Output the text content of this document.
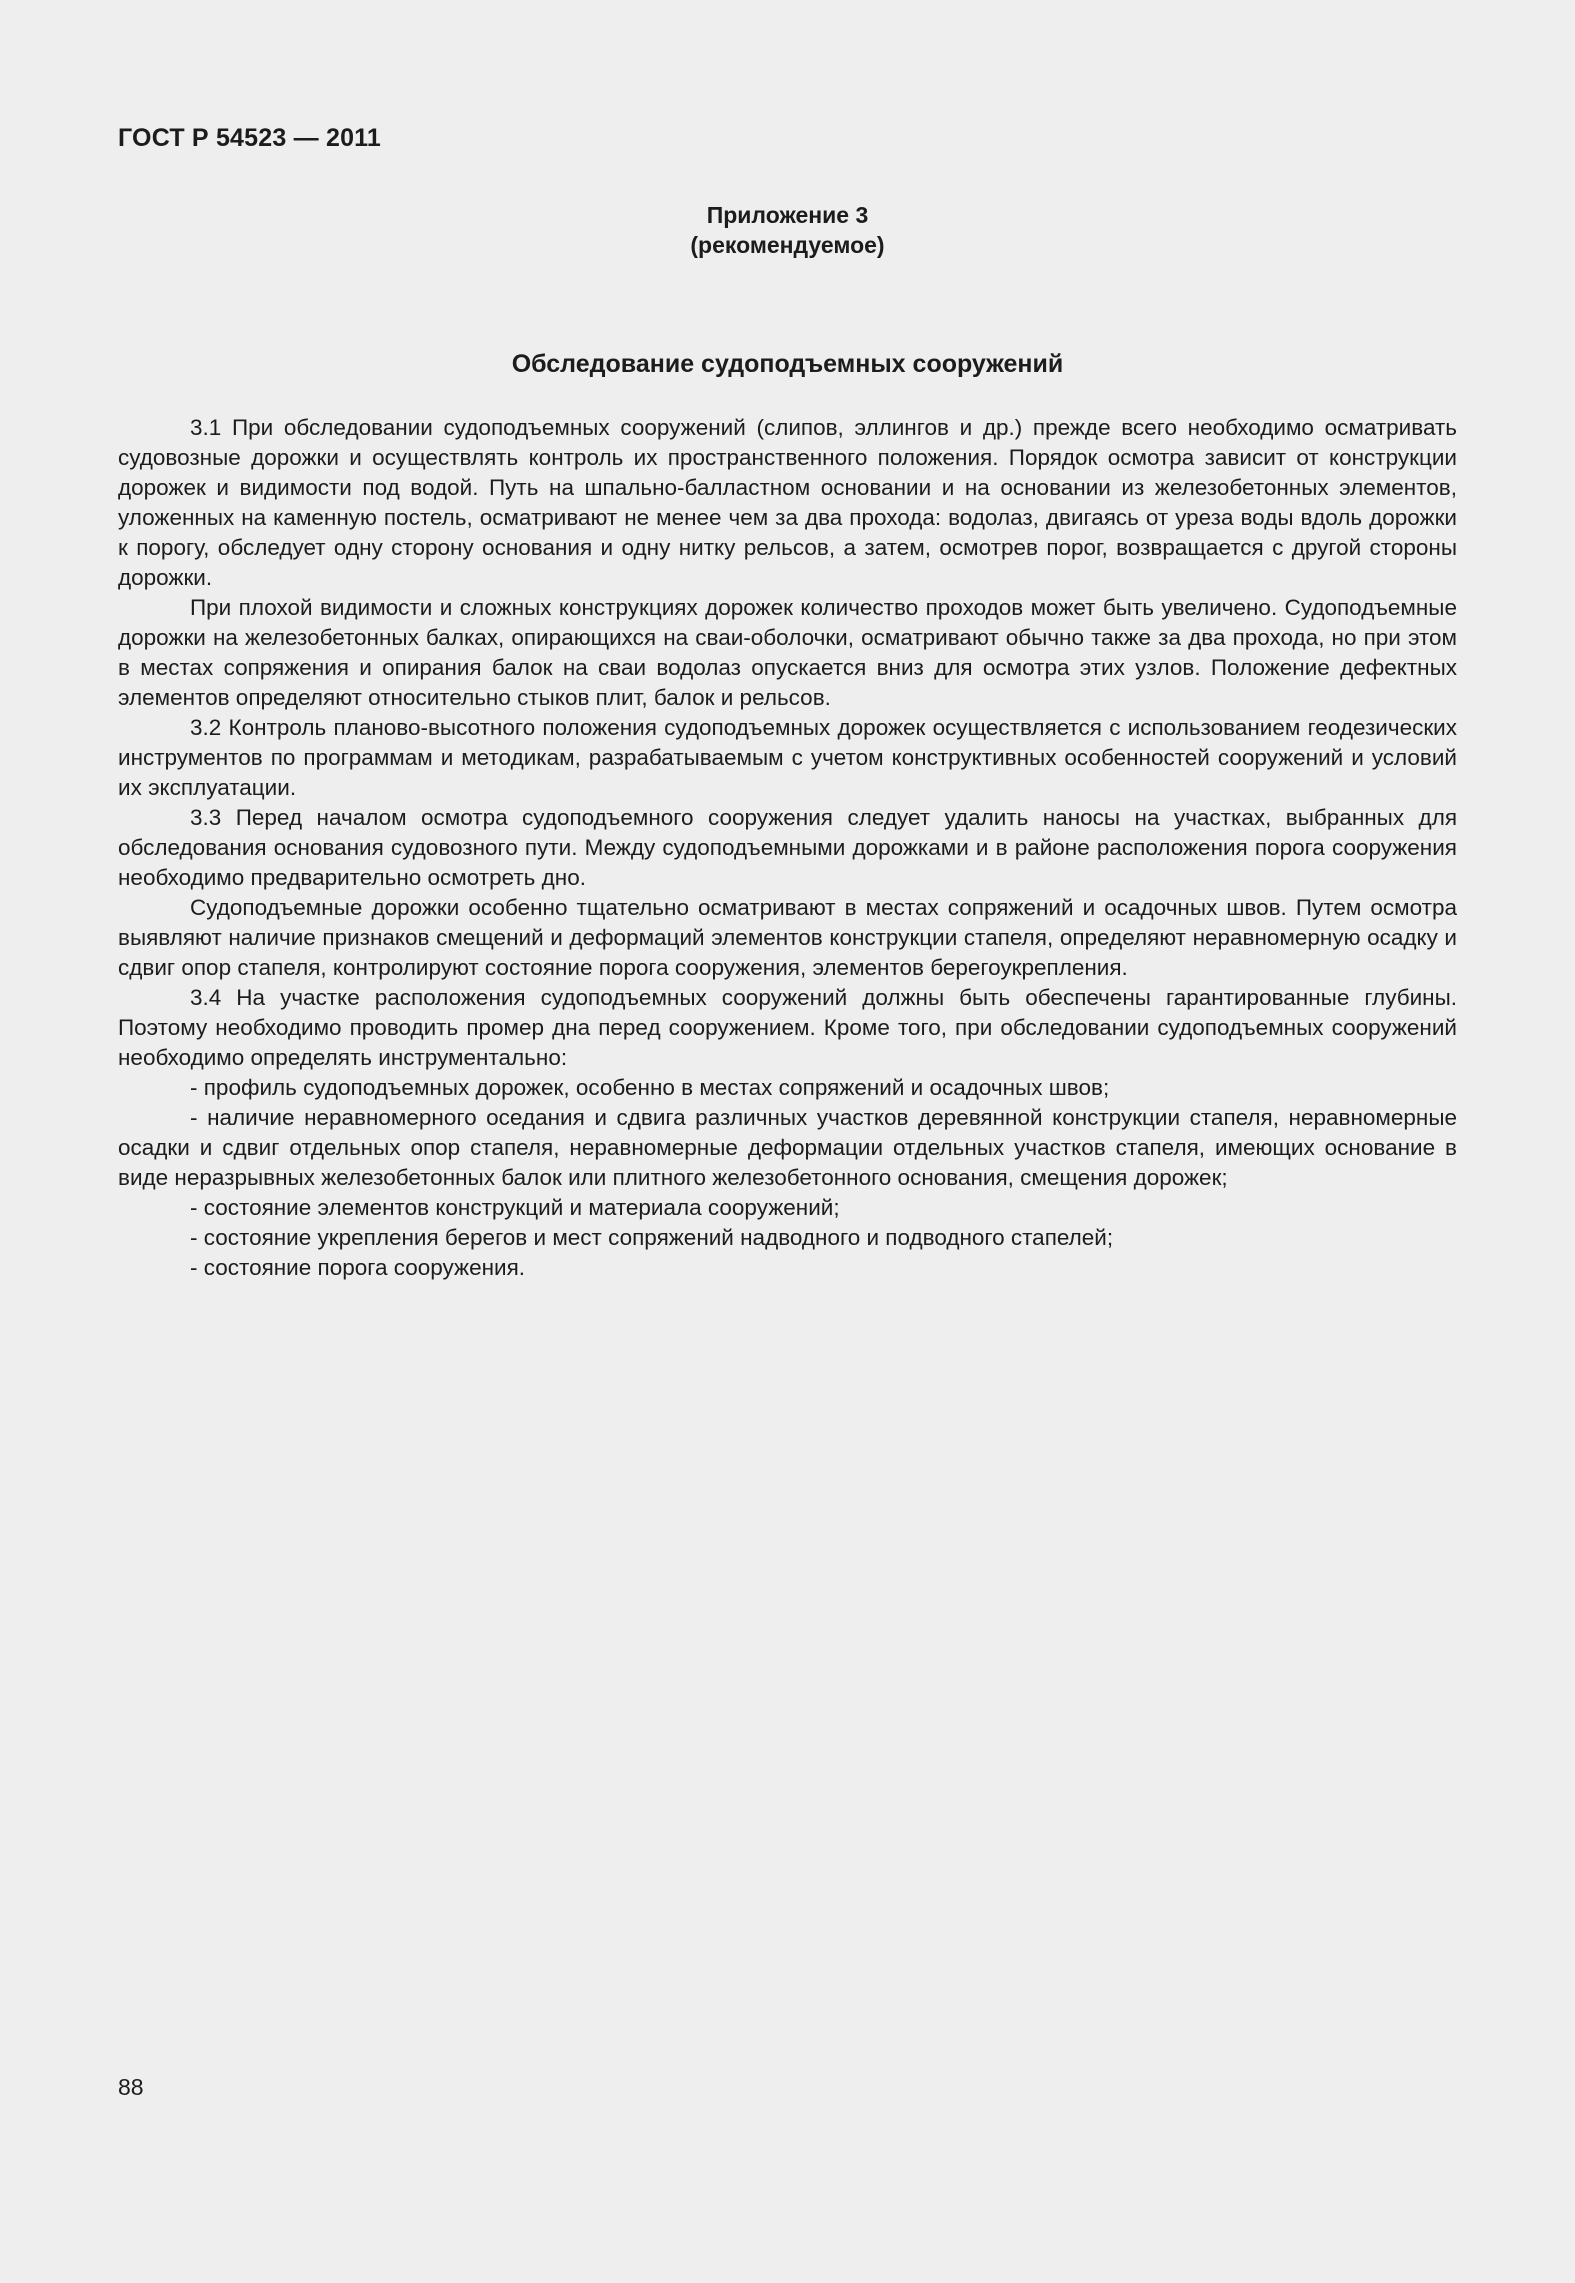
ГОСТ Р 54523 — 2011
Приложение 3
(рекомендуемое)
Обследование судоподъемных сооружений

3.1 При обследовании судоподъемных сооружений (слипов, эллингов и др.) прежде всего необходимо осматривать судовозные дорожки и осуществлять контроль их пространственного положения. Порядок осмотра зависит от конструкции дорожек и видимости под водой. Путь на шпально-балластном основании и на основании из железобетонных элементов, уложенных на каменную постель, осматривают не менее чем за два прохода: водолаз, двигаясь от уреза воды вдоль дорожки к порогу, обследует одну сторону основания и одну нитку рельсов, а затем, осмотрев порог, возвращается с другой стороны дорожки.

При плохой видимости и сложных конструкциях дорожек количество проходов может быть увеличено. Судоподъемные дорожки на железобетонных балках, опирающихся на сваи-оболочки, осматривают обычно также за два прохода, но при этом в местах сопряжения и опирания балок на сваи водолаз опускается вниз для осмотра этих узлов. Положение дефектных элементов определяют относительно стыков плит, балок и рельсов.

3.2 Контроль планово-высотного положения судоподъемных дорожек осуществляется с использованием геодезических инструментов по программам и методикам, разрабатываемым с учетом конструктивных особенностей сооружений и условий их эксплуатации.

3.3 Перед началом осмотра судоподъемного сооружения следует удалить наносы на участках, выбранных для обследования основания судовозного пути. Между судоподъемными дорожками и в районе расположения порога сооружения необходимо предварительно осмотреть дно.

Судоподъемные дорожки особенно тщательно осматривают в местах сопряжений и осадочных швов. Путем осмотра выявляют наличие признаков смещений и деформаций элементов конструкции стапеля, определяют неравномерную осадку и сдвиг опор стапеля, контролируют состояние порога сооружения, элементов берегоукрепления.

3.4 На участке расположения судоподъемных сооружений должны быть обеспечены гарантированные глубины. Поэтому необходимо проводить промер дна перед сооружением. Кроме того, при обследовании судоподъемных сооружений необходимо определять инструментально:

- профиль судоподъемных дорожек, особенно в местах сопряжений и осадочных швов;

- наличие неравномерного оседания и сдвига различных участков деревянной конструкции стапеля, неравномерные осадки и сдвиг отдельных опор стапеля, неравномерные деформации отдельных участков стапеля, имеющих основание в виде неразрывных железобетонных балок или плитного железобетонного основания, смещения дорожек;

- состояние элементов конструкций и материала сооружений;

- состояние укрепления берегов и мест сопряжений надводного и подводного стапелей;

- состояние порога сооружения.

88
